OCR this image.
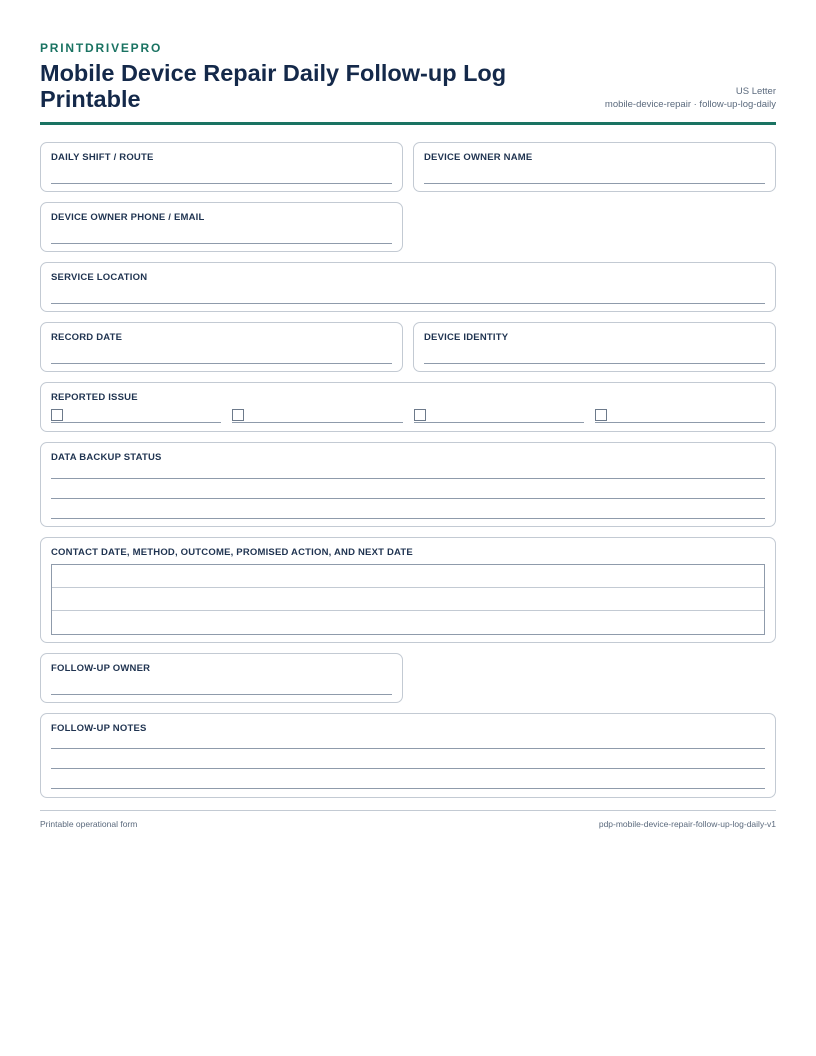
PRINTDRIVEPRO
Mobile Device Repair Daily Follow-up Log Printable	US Letter
mobile-device-repair · follow-up-log-daily
DAILY SHIFT / ROUTE	DEVICE OWNER NAME
DEVICE OWNER PHONE / EMAIL
SERVICE LOCATION
RECORD DATE	DEVICE IDENTITY
REPORTED ISSUE
DATA BACKUP STATUS
CONTACT DATE, METHOD, OUTCOME, PROMISED ACTION, AND NEXT DATE
FOLLOW-UP OWNER
FOLLOW-UP NOTES
Printable operational form	pdp-mobile-device-repair-follow-up-log-daily-v1
